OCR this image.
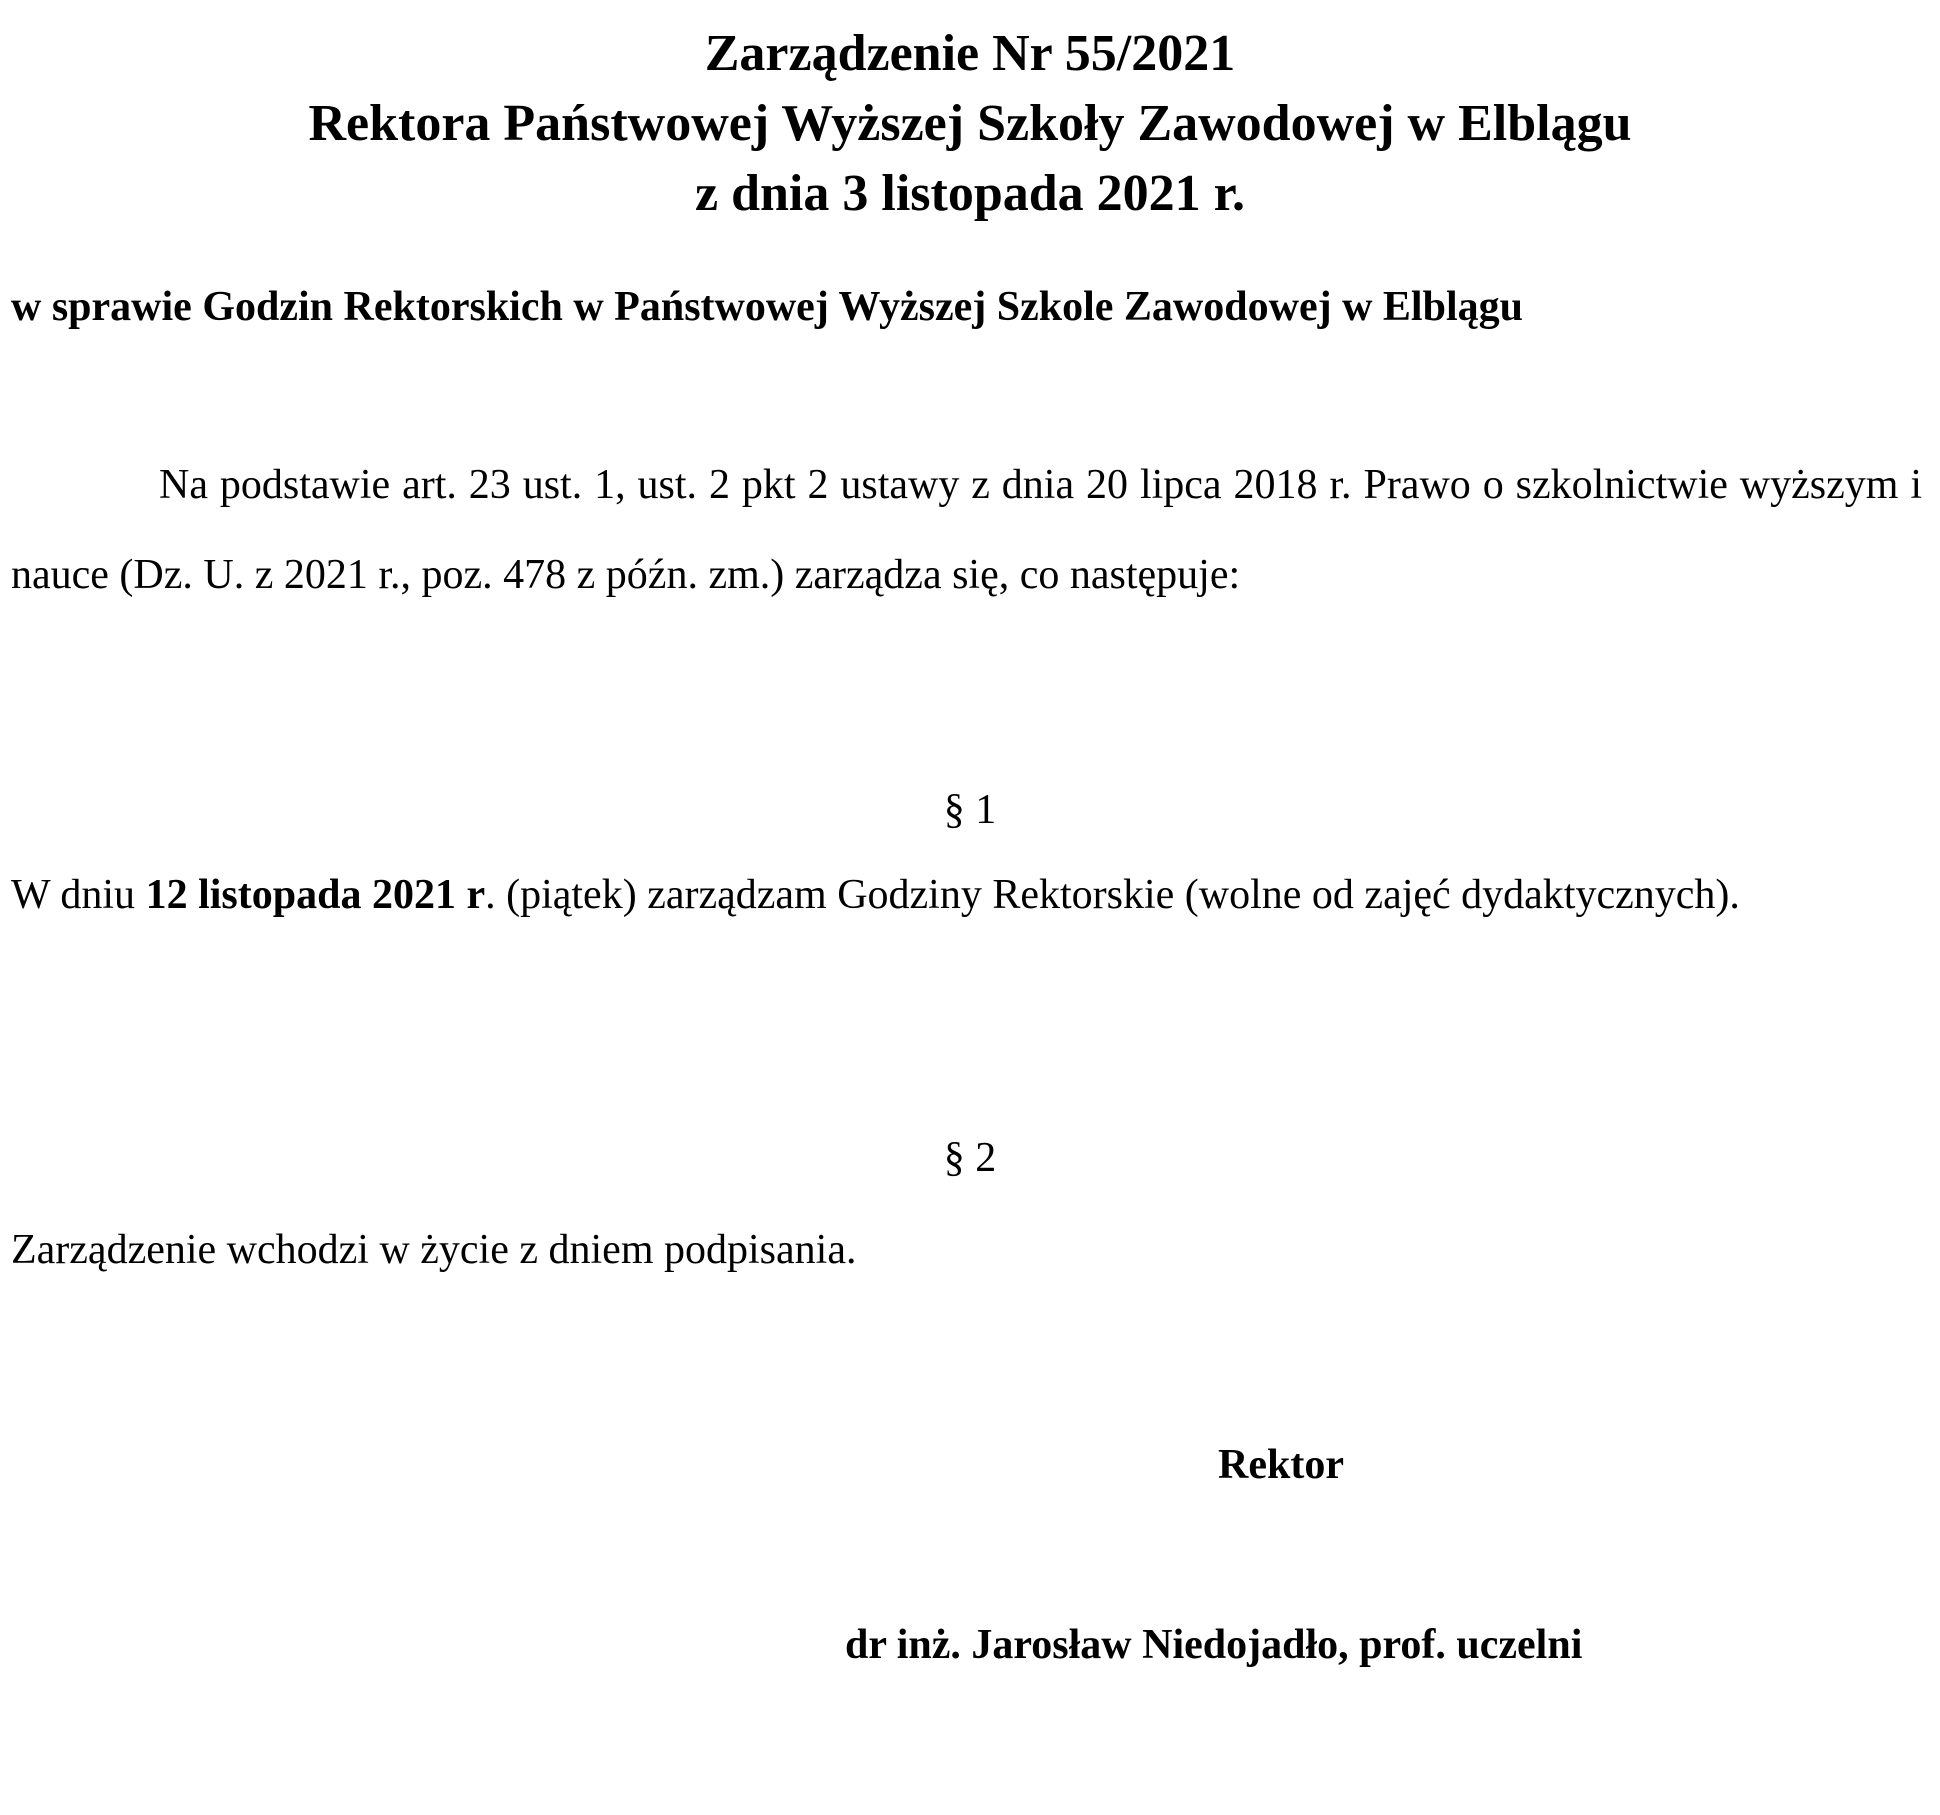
Zarządzenie Nr 55/2021
Rektora Państwowej Wyższej Szkoły Zawodowej w Elblągu
z dnia 3 listopada 2021 r.
w sprawie Godzin Rektorskich w Państwowej Wyższej Szkole Zawodowej w Elblągu
Na podstawie art. 23 ust. 1, ust. 2 pkt 2 ustawy z dnia 20 lipca 2018 r. Prawo o szkolnictwie wyższym i nauce (Dz. U. z 2021 r., poz. 478 z późn. zm.) zarządza się, co następuje:
§ 1
W dniu 12 listopada 2021 r. (piątek) zarządzam Godziny Rektorskie (wolne od zajęć dydaktycznych).
§ 2
Zarządzenie wchodzi w życie z dniem podpisania.
Rektor
dr inż. Jarosław Niedojadło, prof. uczelni
